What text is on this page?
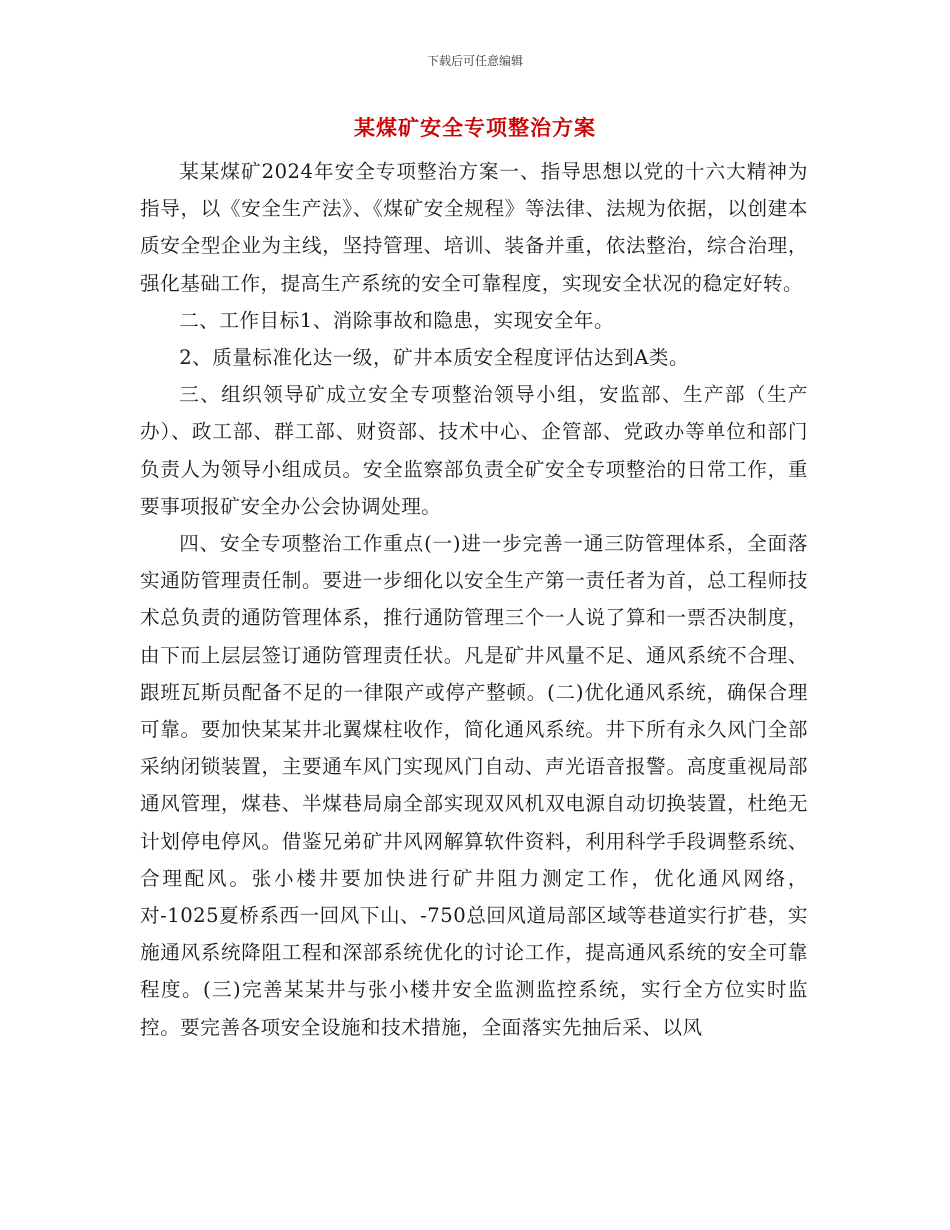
下载后可任意编辑
某煤矿安全专项整治方案

某某煤矿2024年安全专项整治方案一、指导思想以党的十六大精神为指导，以《安全生产法》、《煤矿安全规程》等法律、法规为依据，以创建本质安全型企业为主线，坚持管理、培训、装备并重，依法整治，综合治理，强化基础工作，提高生产系统的安全可靠程度，实现安全状况的稳定好转。

二、工作目标1、消除事故和隐患，实现安全年。

2、质量标准化达一级，矿井本质安全程度评估达到A类。

三、组织领导矿成立安全专项整治领导小组，安监部、生产部（生产办）、政工部、群工部、财资部、技术中心、企管部、党政办等单位和部门负责人为领导小组成员。安全监察部负责全矿安全专项整治的日常工作，重要事项报矿安全办公会协调处理。

四、安全专项整治工作重点(一)进一步完善一通三防管理体系，全面落实通防管理责任制。要进一步细化以安全生产第一责任者为首，总工程师技术总负责的通防管理体系，推行通防管理三个一人说了算和一票否决制度，由下而上层层签订通防管理责任状。凡是矿井风量不足、通风系统不合理、跟班瓦斯员配备不足的一律限产或停产整顿。(二)优化通风系统，确保合理可靠。要加快某某井北翼煤柱收作，简化通风系统。井下所有永久风门全部采纳闭锁装置，主要通车风门实现风门自动、声光语音报警。高度重视局部通风管理，煤巷、半煤巷局扇全部实现双风机双电源自动切换装置，杜绝无计划停电停风。借鉴兄弟矿井风网解算软件资料，利用科学手段调整系统、合理配风。张小楼井要加快进行矿井阻力测定工作，优化通风网络，对-1025夏桥系西一回风下山、-750总回风道局部区域等巷道实行扩巷，实施通风系统降阻工程和深部系统优化的讨论工作，提高通风系统的安全可靠程度。(三)完善某某井与张小楼井安全监测监控系统，实行全方位实时监控。要完善各项安全设施和技术措施，全面落实先抽后采、以风
